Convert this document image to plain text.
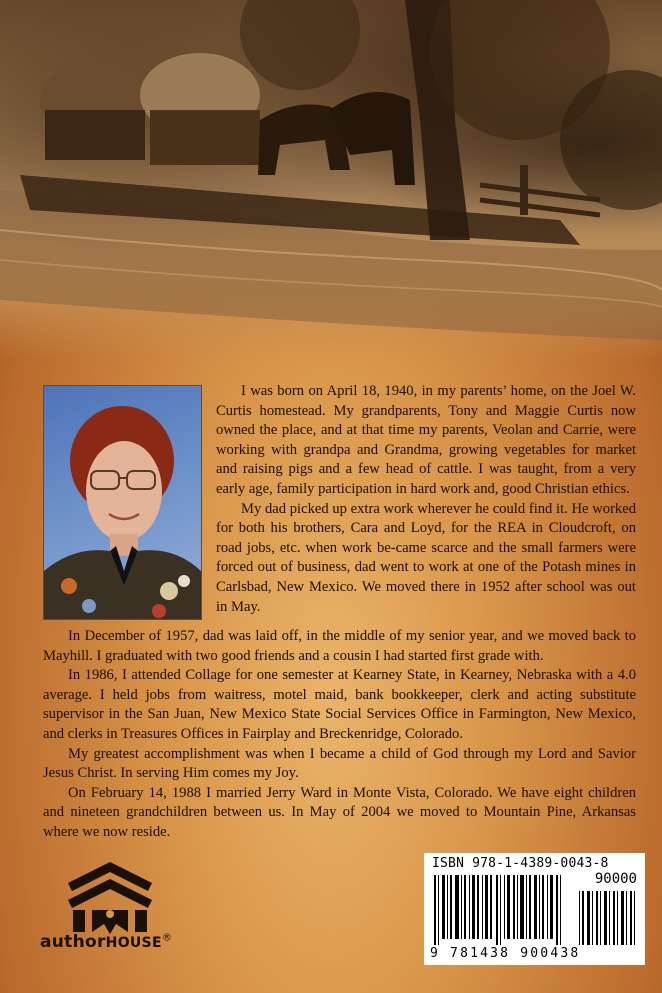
I was born on April 18, 1940, in my parents’ home, on the Joel W. Curtis homestead. My grandparents, Tony and Maggie Curtis now owned the place, and at that time my parents, Veolan and Carrie, were working with grandpa and Grandma, growing vegetables for market and raising pigs and a few head of cattle. I was taught, from a very early age, family participation in hard work and, good Christian ethics.

My dad picked up extra work wherever he could find it. He worked for both his brothers, Cara and Loyd, for the REA in Cloudcroft, on road jobs, etc. when work be-came scarce and the small farmers were forced out of business, dad went to work at one of the Potash mines in Carlsbad, New Mexico. We moved there in 1952 after school was out in May.

In December of 1957, dad was laid off, in the middle of my senior year, and we moved back to Mayhill. I graduated with two good friends and a cousin I had started first grade with.

In 1986, I attended Collage for one semester at Kearney State, in Kearney, Nebraska with a 4.0 average. I held jobs from waitress, motel maid, bank bookkeeper, clerk and acting substitute supervisor in the San Juan, New Mexico State Social Services Office in Farmington, New Mexico, and clerks in Treasures Offices in Fairplay and Breckenridge, Colorado.

My greatest accomplishment was when I became a child of God through my Lord and Savior Jesus Christ. In serving Him comes my Joy.

On February 14, 1988 I married Jerry Ward in Monte Vista, Colorado. We have eight children and nineteen grandchildren between us. In May of 2004 we moved to Mountain Pine, Arkansas where we now reside.

authorHOUSE®
ISBN 978-1-4389-0043-8
90000
9 781438 900438
